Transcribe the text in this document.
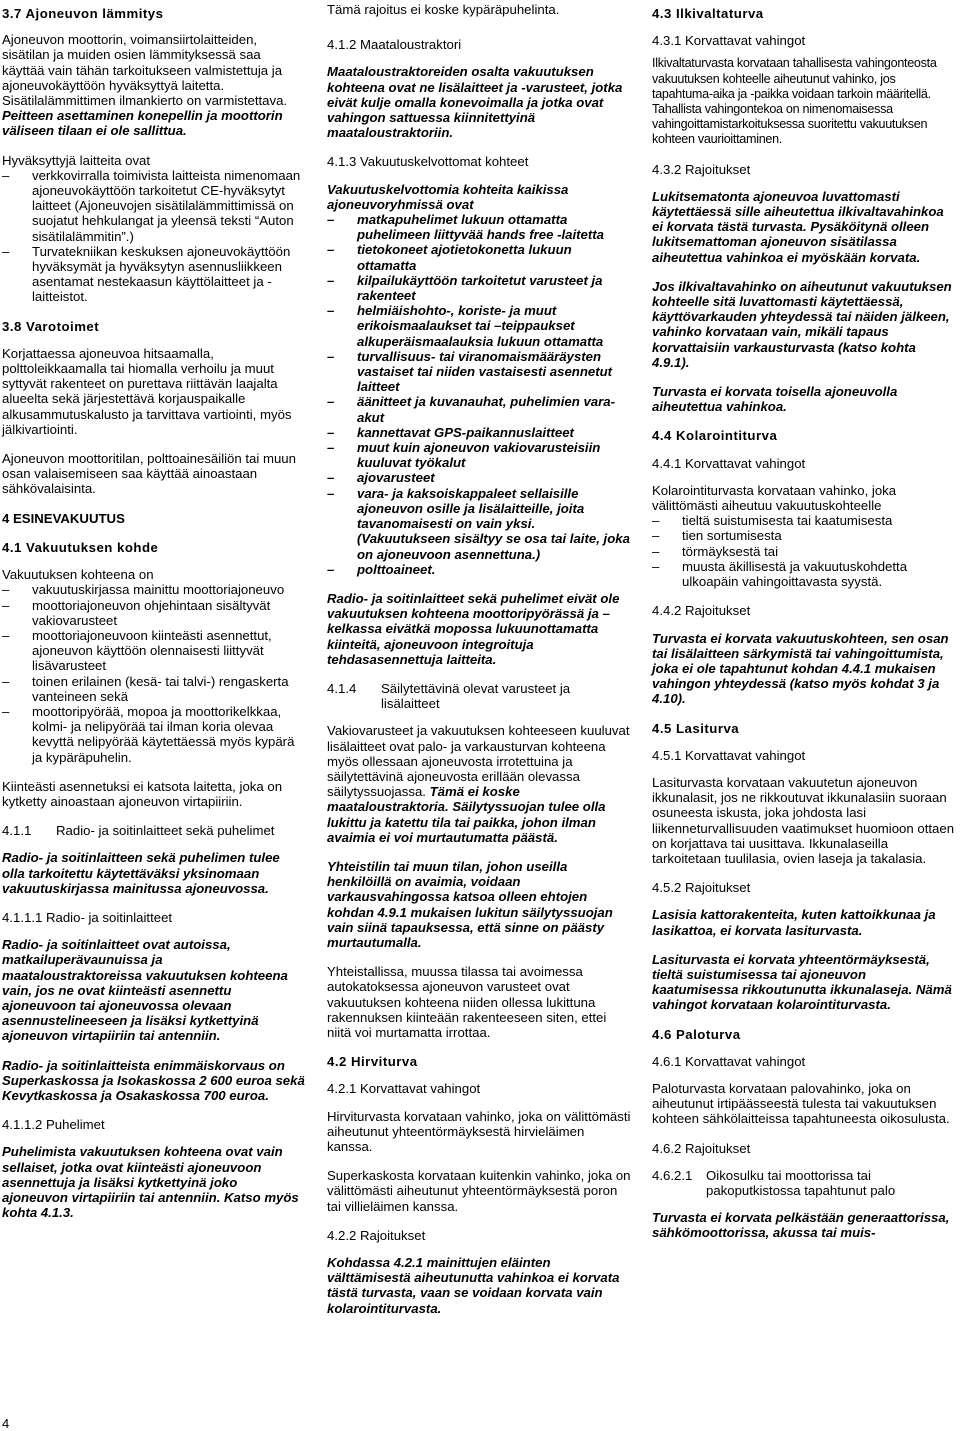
3.7 Ajoneuvon lämmitys

Ajoneuvon moottorin, voimansiirtolaitteiden, sisätilan ja muiden osien lämmityksessä saa käyttää vain tähän tarkoitukseen valmistettuja ja ajoneuvokäyttöön hyväksyttyä laitetta. Sisätilalämmittimen ilmankierto on varmistettava.

Peitteen asettaminen konepellin ja moottorin väliseen tilaan ei ole sallittua.

Hyväksyttyjä laitteita ovat

– verkkovirralla toimivista laitteista nimenomaan ajoneuvokäyttöön tarkoitetut CE-hyväksytyt laitteet (Ajoneuvojen sisätilalämmittimissä on suojatut hehkulangat ja yleensä teksti “Auton sisätilalämmitin”.)
– Turvatekniikan keskuksen ajoneuvokäyttöön hyväksymät ja hyväksytyn asennusliikkeen asentamat nestekaasun käyttölaitteet ja -laitteistot.
3.8 Varotoimet

Korjattaessa ajoneuvoa hitsaamalla, polttoleikkaamalla tai hiomalla verhoilu ja muut syttyvät rakenteet on purettava riittävän laajalta alueelta sekä järjestettävä korjauspaikalle alkusammutuskalusto ja tarvittava vartiointi, myös jälkivartiointi.

Ajoneuvon moottoritilan, polttoainesäiliön tai muun osan valaisemiseen saa käyttää ainoastaan sähkövalaisinta.

4 ESINEVAKUUTUS
4.1 Vakuutuksen kohde

Vakuutuksen kohteena on

– vakuutuskirjassa mainittu moottoriajoneuvo
– moottoriajoneuvon ohjehintaan sisältyvät vakiovarusteet
– moottoriajoneuvoon kiinteästi asennettut, ajoneuvon käyttöön olennaisesti liittyvät lisävarusteet
– toinen erilainen (kesä- tai talvi-) rengaskerta vanteineen sekä
– moottoripyörää, mopoa ja moottorikelkkaa, kolmi- ja nelipyörää tai ilman koria olevaa kevyttä nelipyörää käytettäessä myös kypärä ja kypäräpuhelin.

Kiinteästi asennetuksi ei katsota laitetta, joka on kytketty ainoastaan ajoneuvon virtapiiriin.

4.1.1	Radio- ja soitinlaitteet sekä puhelimet

Radio- ja soitinlaitteen sekä puhelimen tulee olla tarkoitettu käytettäväksi yksinomaan vakuutuskirjassa mainitussa ajoneuvossa.

4.1.1.1 Radio- ja soitinlaitteet

Radio- ja soitinlaitteet ovat autoissa, matkailuperävaunuissa ja maataloustraktoreissa vakuutuksen kohteena vain, jos ne ovat kiinteästi asennettu ajoneuvoon tai ajoneuvossa olevaan asennustelineeseen ja lisäksi kytkettyinä ajoneuvon virtapiiriin tai antenniin.

Radio- ja soitinlaitteista enimmäiskorvaus on Superkaskossa ja Isokaskossa 2 600 euroa sekä Kevytkaskossa ja Osakaskossa 700 euroa.

4.1.1.2 Puhelimet

Puhelimista vakuutuksen kohteena ovat vain sellaiset, jotka ovat kiinteästi ajoneuvoon asennettuja ja lisäksi kytkettyinä joko ajoneuvon virtapiiriin tai antenniin. Katso myös kohta 4.1.3.

Tämä rajoitus ei koske kypäräpuhelinta.

4.1.2 Maataloustraktori

Maataloustraktoreiden osalta vakuutuksen kohteena ovat ne lisälaitteet ja -varusteet, jotka eivät kulje omalla konevoimalla ja jotka ovat vahingon sattuessa kiinnitettyinä maataloustraktoriin.

4.1.3 Vakuutuskelvottomat kohteet

Vakuutuskelvottomia kohteita kaikissa ajoneuvoryhmissä ovat

– matkapuhelimet lukuun ottamatta puhelimeen liittyvää hands free -laitetta
– tietokoneet ajotietokonetta lukuun ottamatta
– kilpailukäyttöön tarkoitetut varusteet ja rakenteet
– helmiäishohto-, koriste- ja muut erikoismaalaukset tai –teippaukset alkuperäismaalauksia lukuun ottamatta
– turvallisuus- tai viranomaismääräysten vastaiset tai niiden vastaisesti asennetut laitteet
– äänitteet ja kuvanauhat, puhelimien vara-akut
– kannettavat GPS-paikannuslaitteet
– muut kuin ajoneuvon vakiovarusteisiin kuuluvat työkalut
– ajovarusteet
– vara- ja kaksoiskappaleet sellaisille ajoneuvon osille ja lisälaitteille, joita tavanomaisesti on vain yksi. (Vakuutukseen sisältyy se osa tai laite, joka on ajoneuvoon asennettuna.)
– polttoaineet.

Radio- ja soitinlaitteet sekä puhelimet eivät ole vakuutuksen kohteena moottoripyörässä ja –kelkassa eivätkä mopossa lukuunottamatta kiinteitä, ajoneuvoon integroituja tehdasasennettuja laitteita.

4.1.4	Säilytettävinä olevat varusteet ja lisälaitteet

Vakiovarusteet ja vakuutuksen kohteeseen kuuluvat lisälaitteet ovat palo- ja varkausturvan kohteena myös ollessaan ajoneuvosta irrotettuina ja säilytettävinä ajoneuvosta erillään olevassa säilytyssuojassa. Tämä ei koske maataloustraktoria. Säilytyssuojan tulee olla lukittu ja katettu tila tai paikka, johon ilman avaimia ei voi murtautumatta päästä.

Yhteistilin tai muun tilan, johon useilla henkilöillä on avaimia, voidaan varkausvahingossa katsoa olleen ehtojen kohdan 4.9.1 mukaisen lukitun säilytyssuojan vain siinä tapauksessa, että sinne on päästy murtautumalla.

Yhteistallissa, muussa tilassa tai avoimessa autokatoksessa ajoneuvon varusteet ovat vakuutuksen kohteena niiden ollessa lukittuna rakennuksen kiinteään rakenteeseen siten, ettei niitä voi murtamatta irrottaa.

4.2 Hirviturva
4.2.1 Korvattavat vahingot

Hirviturvasta korvataan vahinko, joka on välittömästi aiheutunut yhteentörmäyksestä hirvieläimen kanssa.

Superkaskosta korvataan kuitenkin vahinko, joka on välittömästi aiheutunut yhteentörmäyksestä poron tai villieläimen kanssa.

4.2.2 Rajoitukset

Kohdassa 4.2.1 mainittujen eläinten välttämisestä aiheutunutta vahinkoa ei korvata tästä turvasta, vaan se voidaan korvata vain kolarointiturvasta.

4.3 Ilkivaltaturva
4.3.1 Korvattavat vahingot

Ilkivaltaturvasta korvataan tahallisesta vahingonteosta vakuutuksen kohteelle aiheutunut vahinko, jos tapahtuma-aika ja -paikka voidaan tarkoin määritellä. Tahallista vahingontekoa on nimenomaisessa vahingoittamistarkoituksessa suoritettu vakuutuksen kohteen vaurioittaminen.

4.3.2 Rajoitukset

Lukitsematonta ajoneuvoa luvattomasti käytettäessä sille aiheutettua ilkivaltavahinkoa ei korvata tästä turvasta. Pysäköitynä olleen lukitsemattoman ajoneuvon sisätilassa aiheutettua vahinkoa ei myöskään korvata.

Jos ilkivaltavahinko on aiheutunut vakuutuksen kohteelle sitä luvattomasti käytettäessä, käyttövarkauden yhteydessä tai näiden jälkeen, vahinko korvataan vain, mikäli tapaus korvattaisiin varkausturvasta (katso kohta 4.9.1).

Turvasta ei korvata toisella ajoneuvolla aiheutettua vahinkoa.

4.4 Kolarointiturva
4.4.1 Korvattavat vahingot

Kolarointiturvasta korvataan vahinko, joka välittömästi aiheutuu vakuutuskohteelle

– tieltä suistumisesta tai kaatumisesta
– tien sortumisesta
– törmäyksestä tai
– muusta äkillisestä ja vakuutuskohdetta ulkoapäin vahingoittavasta syystä.
4.4.2 Rajoitukset

Turvasta ei korvata vakuutuskohteen, sen osan tai lisälaitteen särkymistä tai vahingoittumista, joka ei ole tapahtunut kohdan 4.4.1 mukaisen vahingon yhteydessä (katso myös kohdat 3 ja 4.10).

4.5 Lasiturva
4.5.1 Korvattavat vahingot

Lasiturvasta korvataan vakuutetun ajoneuvon ikkunalasit, jos ne rikkoutuvat ikkunalasiin suoraan osuneesta iskusta, joka johdosta lasi liikenneturvallisuuden vaatimukset huomioon ottaen on korjattava tai uusittava. Ikkunalaseilla tarkoitetaan tuulilasia, ovien laseja ja takalasia.

4.5.2 Rajoitukset

Lasisia kattorakenteita, kuten kattoikkunaa ja lasikattoa, ei korvata lasiturvasta.

Lasiturvasta ei korvata yhteentörmäyksestä, tieltä suistumisessa tai ajoneuvon kaatumisessa rikkoutunutta ikkunalaseja. Nämä vahingot korvataan kolarointiturvasta.

4.6 Paloturva
4.6.1 Korvattavat vahingot

Paloturvasta korvataan palovahinko, joka on aiheutunut irtipäässeestä tulesta tai vakuutuksen kohteen sähkölaitteissa tapahtuneesta oikosulusta.

4.6.2 Rajoitukset
4.6.2.1	Oikosulku tai moottorissa tai pakoputkistossa tapahtunut palo

Turvasta ei korvata pelkästään generaattorissa, sähkömoottorissa, akussa tai muis-

4
